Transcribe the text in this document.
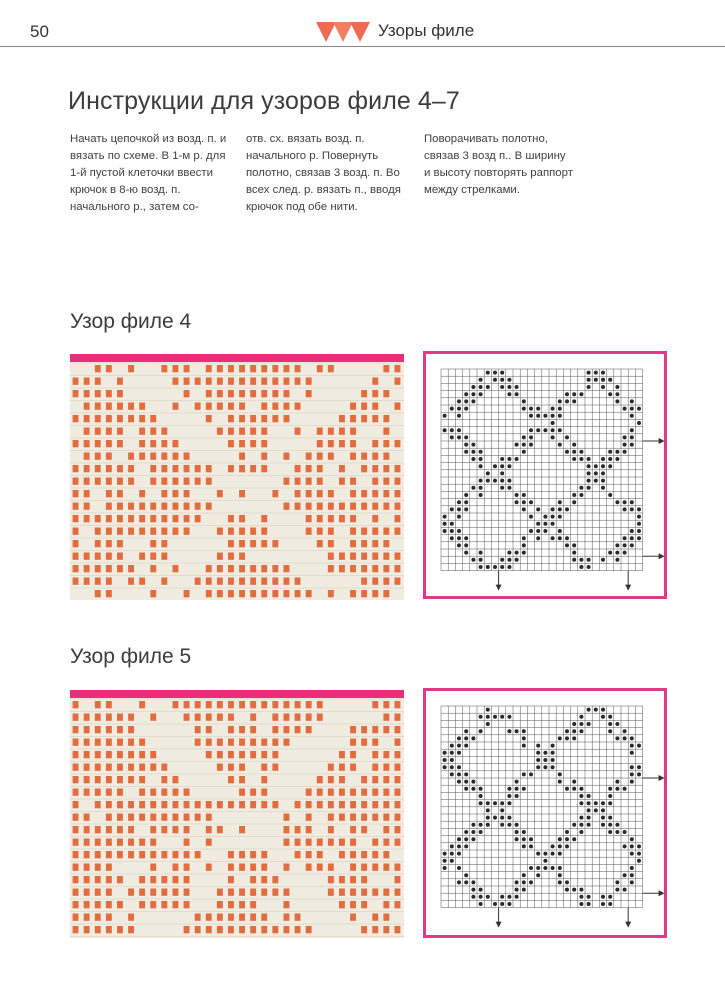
50	Узоры филе
Инструкции для узоров филе 4–7
Начать цепочкой из возд. п. и вязать по схеме. В 1-м р. для 1-й пустой клеточки ввести крючок в 8-ю возд. п. начального р., затем со-
отв. сх. вязать возд. п. начального р. Повернуть полотно, связав 3 возд. п. Во всех след. р. вязать п., вводя крючок под обе нити.
Поворачивать полотно, связав 3 возд п.. В ширину и высоту повторять раппорт между стрелками.
Узор филе 4
Узор филе 5
